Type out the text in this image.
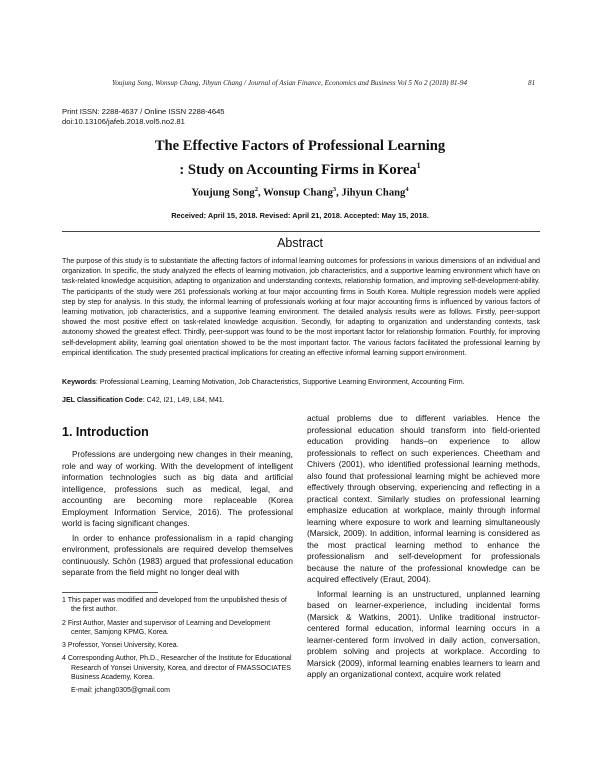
Youjung Song, Wonsup Chang, Jihyun Chang / Journal of Asian Finance, Economics and Business Vol 5 No 2 (2018) 81-94	81
Print ISSN: 2288-4637 / Online ISSN 2288-4645
doi:10.13106/jafeb.2018.vol5.no2.81
The Effective Factors of Professional Learning
: Study on Accounting Firms in Korea$^1$
Youjung Song$^2$, Wonsup Chang$^3$, Jihyun Chang$^4$
Received: April 15, 2018. Revised: April 21, 2018. Accepted: May 15, 2018.
Abstract
The purpose of this study is to substantiate the affecting factors of informal learning outcomes for professions in various dimensions of an individual and organization. In specific, the study analyzed the effects of learning motivation, job characteristics, and a supportive learning environment which have on task-related knowledge acquisition, adapting to organization and understanding contexts, relationship formation, and improving self-development-ability. The participants of the study were 261 professionals working at four major accounting firms in South Korea. Multiple regression models were applied step by step for analysis. In this study, the informal learning of professionals working at four major accounting firms is influenced by various factors of learning motivation, job characteristics, and a supportive learning environment. The detailed analysis results were as follows. Firstly, peer-support showed the most positive effect on task-related knowledge acquisition. Secondly, for adapting to organization and understanding contexts, task autonomy showed the greatest effect. Thirdly, peer-support was found to be the most important factor for relationship formation. Fourthly, for improving self-development ability, learning goal orientation showed to be the most important factor. The various factors facilitated the professional learning by empirical identification. The study presented practical implications for creating an effective informal learning support environment.
Keywords: Professional Learning, Learning Motivation, Job Characteristics, Supportive Learning Environment, Accounting Firm.
JEL Classification Code: C42, I21, L49, L84, M41.
1. Introduction

Professions are undergoing new changes in their meaning, role and way of working. With the development of intelligent information technologies such as big data and artificial intelligence, professions such as medical, legal, and accounting are becoming more replaceable (Korea Employment Information Service, 2016). The professional world is facing significant changes.

In order to enhance professionalism in a rapid changing environment, professionals are required develop themselves continuously. Schön (1983) argued that professional education separate from the field might no longer deal with

actual problems due to different variables. Hence the professional education should transform into field-oriented education providing hands–on experience to allow professionals to reflect on such experiences. Cheetham and Chivers (2001), who identified professional learning methods, also found that professional learning might be achieved more effectively through observing, experiencing and reflecting in a practical context. Similarly studies on professional learning emphasize education at workplace, mainly through informal learning where exposure to work and learning simultaneously (Marsick, 2009). In addition, informal learning is considered as the most practical learning method to enhance the professionalism and self-development for professionals because the nature of the professional knowledge can be acquired effectively (Eraut, 2004).

Informal learning is an unstructured, unplanned learning based on learner-experience, including incidental forms (Marsick & Watkins, 2001). Unlike traditional instructor-centered formal education, informal learning occurs in a learner-centered form involved in daily action, conversation, problem solving and projects at workplace. According to Marsick (2009), informal learning enables learners to learn and apply an organizational context, acquire work related

1 This paper was modified and developed from the unpublished thesis of the first author.
2 First Author, Master and supervisor of Learning and Development center, Samjong KPMG, Korea.
3 Professor, Yonsei University, Korea.
4 Corresponding Author, Ph.D., Researcher of the Institute for Educational Research of Yonsei University, Korea, and director of FMASSOCIATES Business Academy, Korea.
E-mail: jchang0305@gmail.com
